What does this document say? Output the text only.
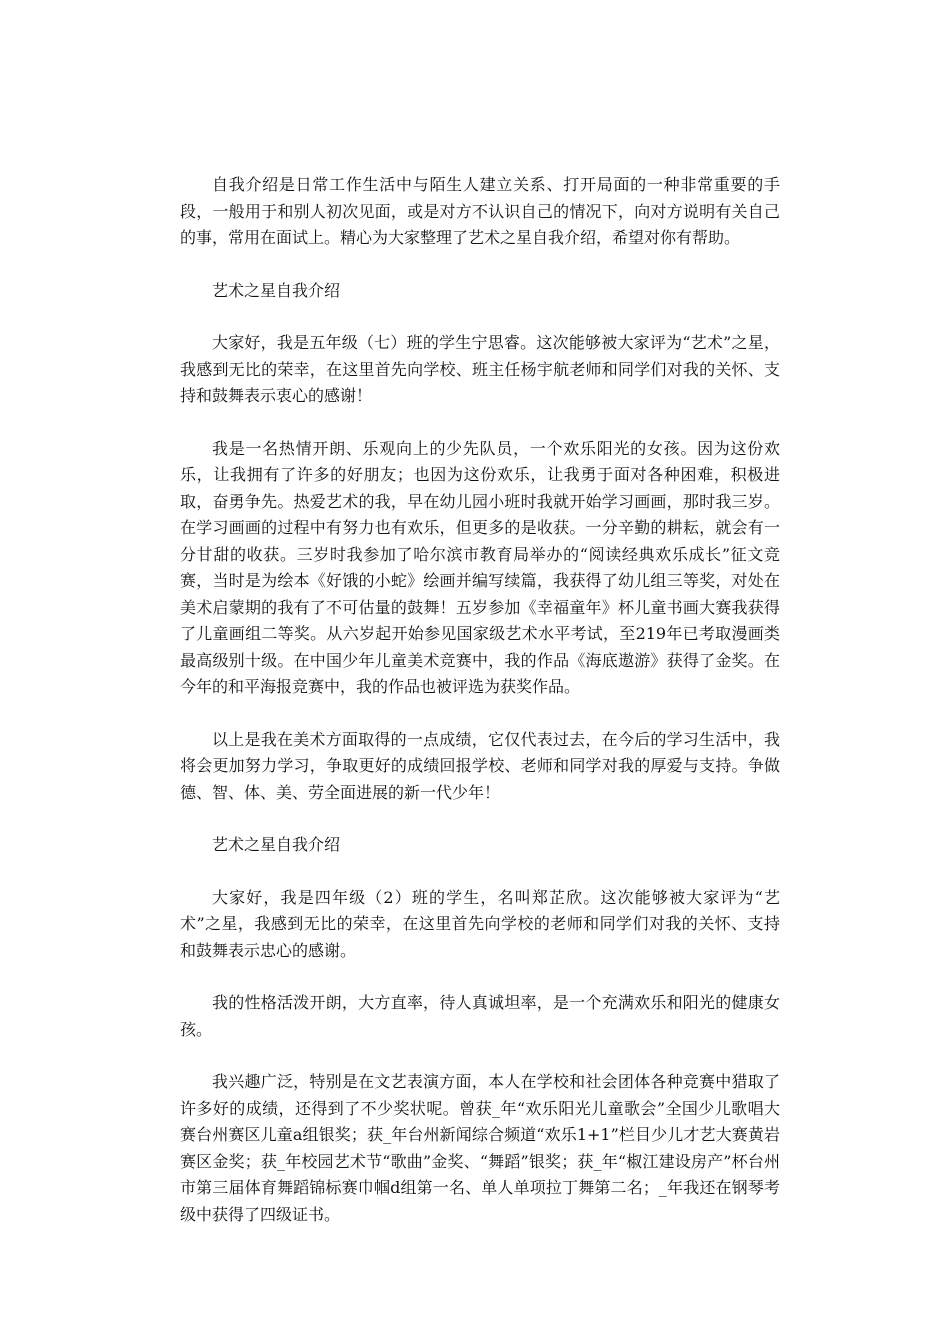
自我介绍是日常工作生活中与陌生人建立关系、打开局面的一种非常重要的手段，一般用于和别人初次见面，或是对方不认识自己的情况下，向对方说明有关自己的事，常用在面试上。精心为大家整理了艺术之星自我介绍，希望对你有帮助。

艺术之星自我介绍

大家好，我是五年级（七）班的学生宁思睿。这次能够被大家评为“艺术”之星，我感到无比的荣幸，在这里首先向学校、班主任杨宇航老师和同学们对我的关怀、支持和鼓舞表示衷心的感谢！

我是一名热情开朗、乐观向上的少先队员，一个欢乐阳光的女孩。因为这份欢乐，让我拥有了许多的好朋友；也因为这份欢乐，让我勇于面对各种困难，积极进取，奋勇争先。热爱艺术的我，早在幼儿园小班时我就开始学习画画，那时我三岁。在学习画画的过程中有努力也有欢乐，但更多的是收获。一分辛勤的耕耘，就会有一分甘甜的收获。三岁时我参加了哈尔滨市教育局举办的“阅读经典欢乐成长”征文竞赛，当时是为绘本《好饿的小蛇》绘画并编写续篇，我获得了幼儿组三等奖，对处在美术启蒙期的我有了不可估量的鼓舞！五岁参加《幸福童年》杯儿童书画大赛我获得了儿童画组二等奖。从六岁起开始参见国家级艺术水平考试，至219年已考取漫画类最高级别十级。在中国少年儿童美术竞赛中，我的作品《海底遨游》获得了金奖。在今年的和平海报竞赛中，我的作品也被评选为获奖作品。

以上是我在美术方面取得的一点成绩，它仅代表过去，在今后的学习生活中，我将会更加努力学习，争取更好的成绩回报学校、老师和同学对我的厚爱与支持。争做德、智、体、美、劳全面进展的新一代少年！

艺术之星自我介绍

大家好，我是四年级（2）班的学生，名叫郑芷欣。这次能够被大家评为“艺术”之星，我感到无比的荣幸，在这里首先向学校的老师和同学们对我的关怀、支持和鼓舞表示忠心的感谢。

我的性格活泼开朗，大方直率，待人真诚坦率，是一个充满欢乐和阳光的健康女孩。

我兴趣广泛，特别是在文艺表演方面，本人在学校和社会团体各种竞赛中猎取了许多好的成绩，还得到了不少奖状呢。曾获_年“欢乐阳光儿童歌会”全国少儿歌唱大赛台州赛区儿童a组银奖；获_年台州新闻综合频道“欢乐1+1”栏目少儿才艺大赛黄岩赛区金奖；获_年校园艺术节“歌曲”金奖、“舞蹈”银奖；获_年“椒江建设房产”杯台州市第三届体育舞蹈锦标赛巾帼d组第一名、单人单项拉丁舞第二名；_年我还在钢琴考级中获得了四级证书。
